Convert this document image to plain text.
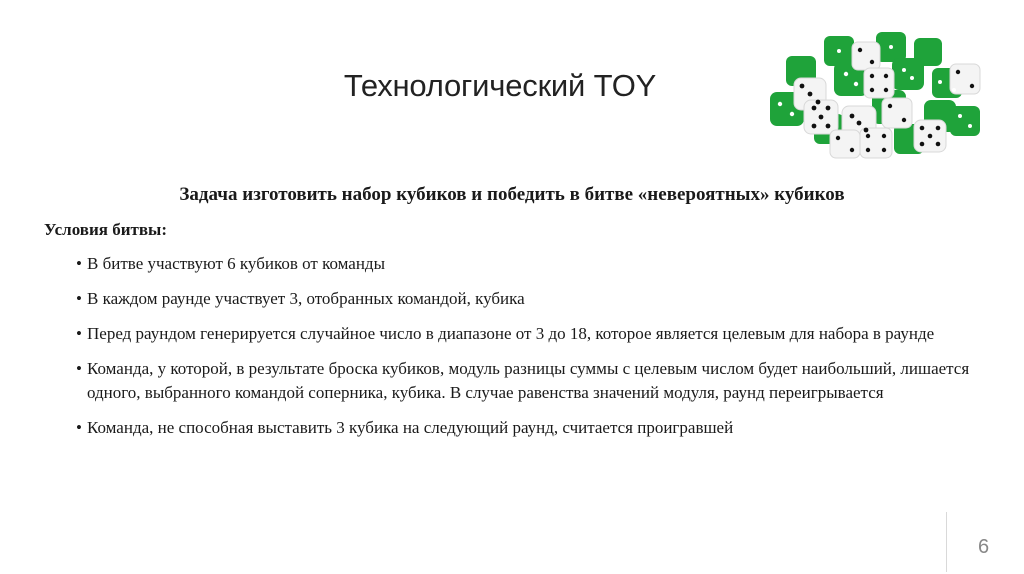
Технологический TOY
Задача изготовить набор кубиков и победить в битве «невероятных» кубиков
Условия битвы:
• В битве участвуют 6 кубиков от команды
• В каждом раунде участвует 3, отобранных командой, кубика
• Перед раундом генерируется случайное число в диапазоне от 3 до 18, которое является целевым для набора в раунде
• Команда, у которой, в результате броска кубиков, модуль разницы суммы с целевым числом будет наибольший, лишается одного, выбранного командой соперника, кубика. В случае равенства значений модуля, раунд переигрывается
• Команда, не способная выставить 3 кубика на следующий раунд, считается проигравшей
6
